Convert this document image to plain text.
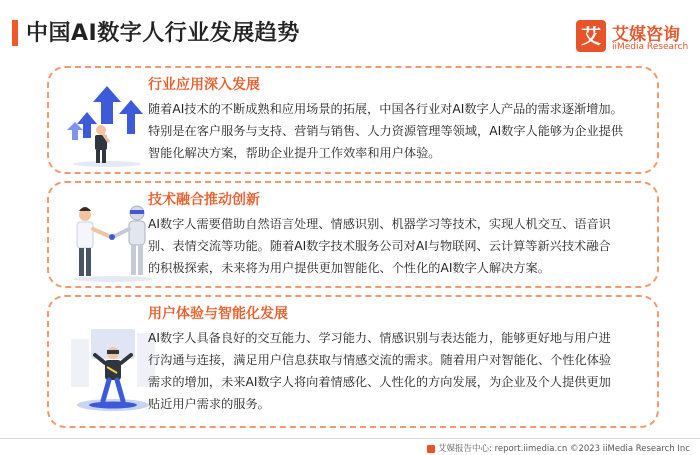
中国AI数字人行业发展趋势	艾 艾媒咨询
iiMedia Research
行业应用深入发展

随着AI技术的不断成熟和应用场景的拓展，中国各行业对AI数字人产品的需求逐渐增加。

特别是在客户服务与支持、营销与销售、人力资源管理等领域，AI数字人能够为企业提供

智能化解决方案，帮助企业提升工作效率和用户体验。

技术融合推动创新

AI数字人需要借助自然语言处理、情感识别、机器学习等技术，实现人机交互、语音识

别、表情交流等功能。随着AI数字技术服务公司对AI与物联网、云计算等新兴技术融合

的积极探索，未来将为用户提供更加智能化、个性化的AI数字人解决方案。

用户体验与智能化发展

AI数字人具备良好的交互能力、学习能力、情感识别与表达能力，能够更好地与用户进

行沟通与连接，满足用户信息获取与情感交流的需求。随着用户对智能化、个性化体验

需求的增加，未来AI数字人将向着情感化、人性化的方向发展，为企业及个人提供更加

贴近用户需求的服务。

艾媒报告中心: report.iimedia.cn ©2023 iiMedia Research Inc
